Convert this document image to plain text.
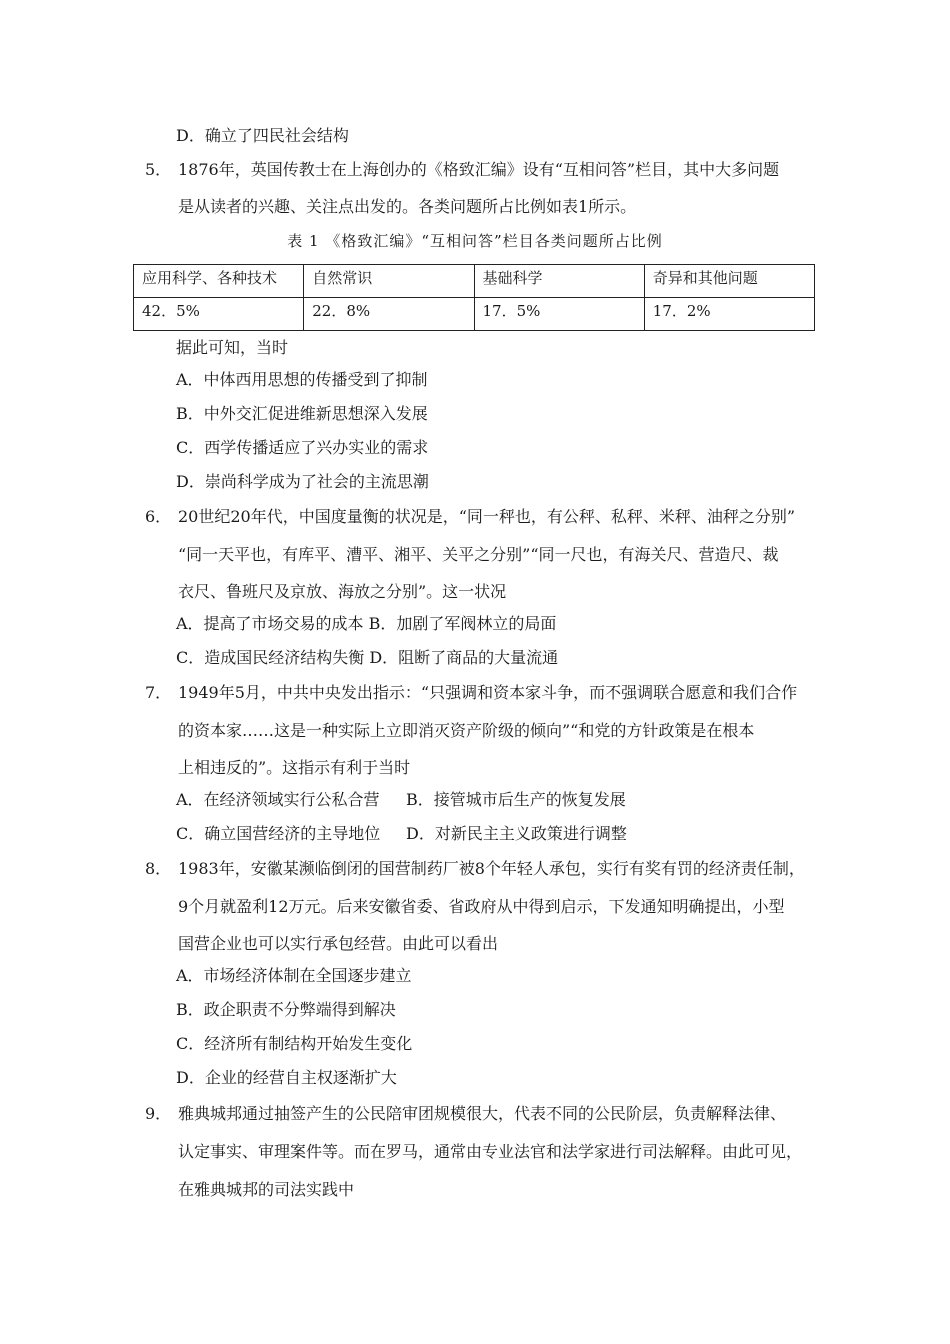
D．确立了四民社会结构
5． 1876年，英国传教士在上海创办的《格致汇编》设有“互相问答”栏目，其中大多问题
是从读者的兴趣、关注点出发的。各类问题所占比例如表1所示。
表 1 《格致汇编》“互相问答”栏目各类问题所占比例
应用科学、各种技术	自然常识	基础科学	奇异和其他问题
42．5%	22．8%	17．5%	17．2%
据此可知，当时
A．中体西用思想的传播受到了抑制
B．中外交汇促进维新思想深入发展
C．西学传播适应了兴办实业的需求
D．崇尚科学成为了社会的主流思潮
6． 20世纪20年代，中国度量衡的状况是，“同一秤也，有公秤、私秤、米秤、油秤之分别”
“同一天平也，有库平、漕平、湘平、关平之分别”“同一尺也，有海关尺、营造尺、裁
衣尺、鲁班尺及京放、海放之分别”。这一状况
A．提高了市场交易的成本 B．加剧了军阀林立的局面
C．造成国民经济结构失衡 D．阻断了商品的大量流通
7． 1949年5月，中共中央发出指示：“只强调和资本家斗争，而不强调联合愿意和我们合作
的资本家……这是一种实际上立即消灭资产阶级的倾向”“和党的方针政策是在根本
上相违反的”。这指示有利于当时
A．在经济领域实行公私合营 B．接管城市后生产的恢复发展
C．确立国营经济的主导地位 D．对新民主主义政策进行调整
8． 1983年，安徽某濒临倒闭的国营制药厂被8个年轻人承包，实行有奖有罚的经济责任制，
9个月就盈利12万元。后来安徽省委、省政府从中得到启示，下发通知明确提出，小型
国营企业也可以实行承包经营。由此可以看出
A．市场经济体制在全国逐步建立
B．政企职责不分弊端得到解决
C．经济所有制结构开始发生变化
D．企业的经营自主权逐渐扩大
9． 雅典城邦通过抽签产生的公民陪审团规模很大，代表不同的公民阶层，负责解释法律、
认定事实、审理案件等。而在罗马，通常由专业法官和法学家进行司法解释。由此可见，
在雅典城邦的司法实践中
